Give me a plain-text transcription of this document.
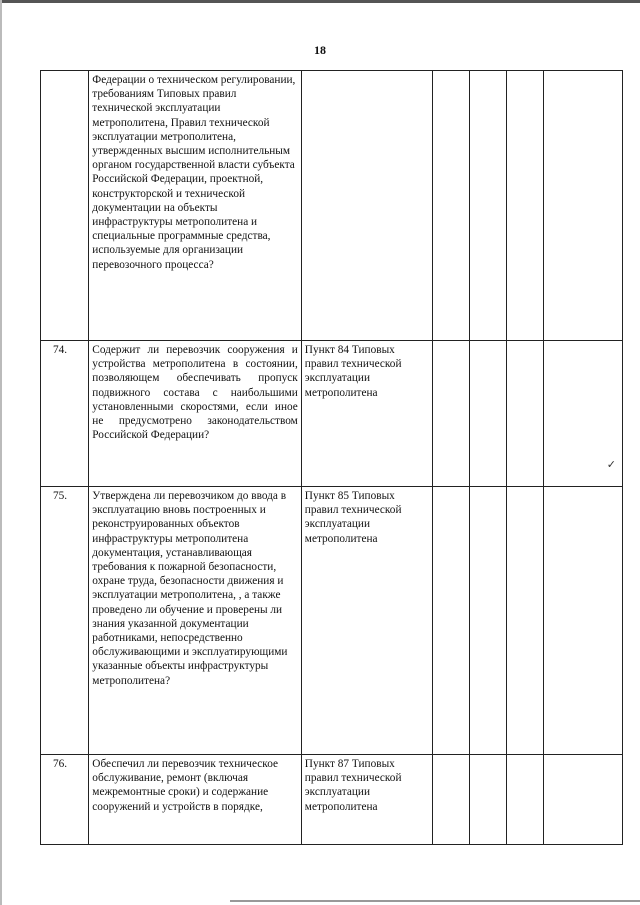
18
	Федерации о техническом регулировании, требованиям Типовых правил технической эксплуатации метрополитена, Правил технической эксплуатации метрополитена, утвержденных высшим исполнительным органом государственной власти субъекта Российской Федерации, проектной, конструкторской и технической документации на объекты инфраструктуры метрополитена и специальные программные средства, используемые для организации перевозочного процесса?					
74.	Содержит ли перевозчик сооружения и устройства метрополитена в состоянии, позволяющем обеспечивать пропуск подвижного состава с наибольшими установленными скоростями, если иное не предусмотрено законодательством Российской Федерации?	Пункт 84 Типовых правил технической эксплуатации метрополитена				✓

75.	Утверждена ли перевозчиком до ввода в эксплуатацию вновь построенных и реконструированных объектов инфраструктуры метрополитена документация, устанавливающая требования к пожарной безопасности, охране труда, безопасности движения и эксплуатации метрополитена, , а также проведено ли обучение и проверены ли знания указанной документации работниками, непосредственно обслуживающими и эксплуатирующими указанные объекты инфраструктуры метрополитена?	Пункт 85 Типовых правил технической эксплуатации метрополитена				
76.	Обеспечил ли перевозчик техническое обслуживание, ремонт (включая межремонтные сроки) и содержание сооружений и устройств в порядке,	Пункт 87 Типовых правил технической эксплуатации метрополитена				
